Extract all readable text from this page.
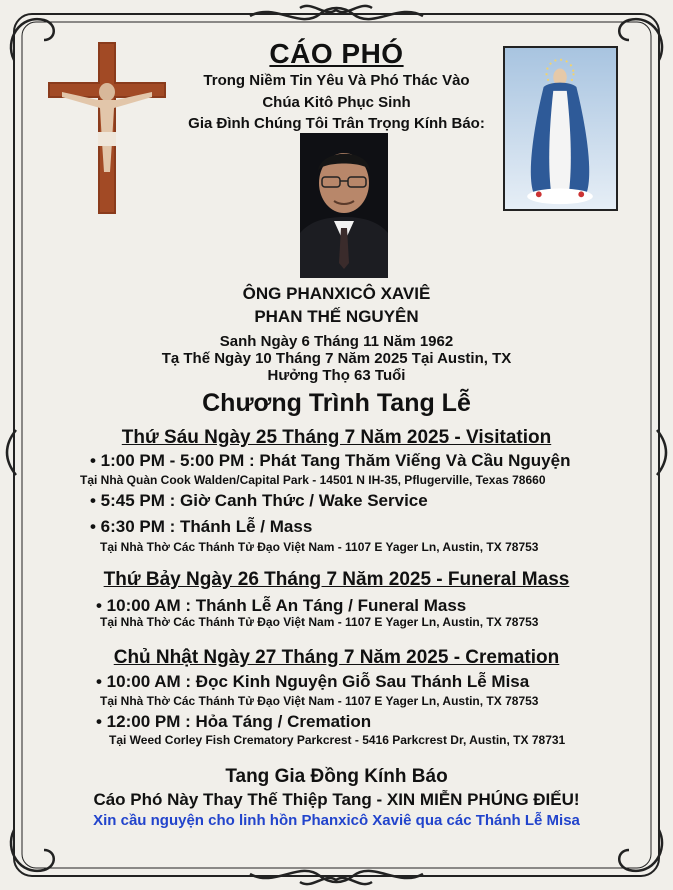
CÁO PHÓ
Trong Niềm Tin Yêu Và Phó Thác Vào
Chúa Kitô Phục Sinh
Gia Đình Chúng Tôi Trân Trọng Kính Báo:
ÔNG PHANXICÔ XAVIÊ
PHAN THẾ NGUYÊN
Sanh Ngày 6 Tháng 11 Năm 1962
Tạ Thế Ngày 10 Tháng 7 Năm 2025 Tại Austin, TX
Hưởng Thọ 63 Tuổi
Chương Trình Tang Lễ
Thứ Sáu Ngày 25 Tháng 7 Năm 2025 - Visitation
• 1:00 PM - 5:00 PM : Phát Tang Thăm Viếng Và Cầu Nguyện
Tại Nhà Quàn Cook Walden/Capital Park - 14501 N IH-35, Pflugerville, Texas 78660
• 5:45 PM : Giờ Canh Thức / Wake Service
• 6:30 PM : Thánh Lễ / Mass
Tại Nhà Thờ Các Thánh Tử Đạo Việt Nam - 1107 E Yager Ln, Austin, TX 78753
Thứ Bảy Ngày 26 Tháng 7 Năm 2025 - Funeral Mass
• 10:00 AM : Thánh Lễ An Táng / Funeral Mass
Tại Nhà Thờ Các Thánh Tử Đạo Việt Nam - 1107 E Yager Ln, Austin, TX 78753
Chủ Nhật Ngày 27 Tháng 7 Năm 2025 - Cremation
• 10:00 AM : Đọc Kinh Nguyện Giỗ Sau Thánh Lễ Misa
Tại Nhà Thờ Các Thánh Tử Đạo Việt Nam - 1107 E Yager Ln, Austin, TX 78753
• 12:00 PM : Hỏa Táng / Cremation
Tại Weed Corley Fish Crematory Parkcrest - 5416 Parkcrest Dr, Austin, TX 78731
Tang Gia Đồng Kính Báo
Cáo Phó Này Thay Thế Thiệp Tang - XIN MIỄN PHÚNG ĐIẾU!
Xin cầu nguyện cho linh hồn Phanxicô Xaviê qua các Thánh Lễ Misa
